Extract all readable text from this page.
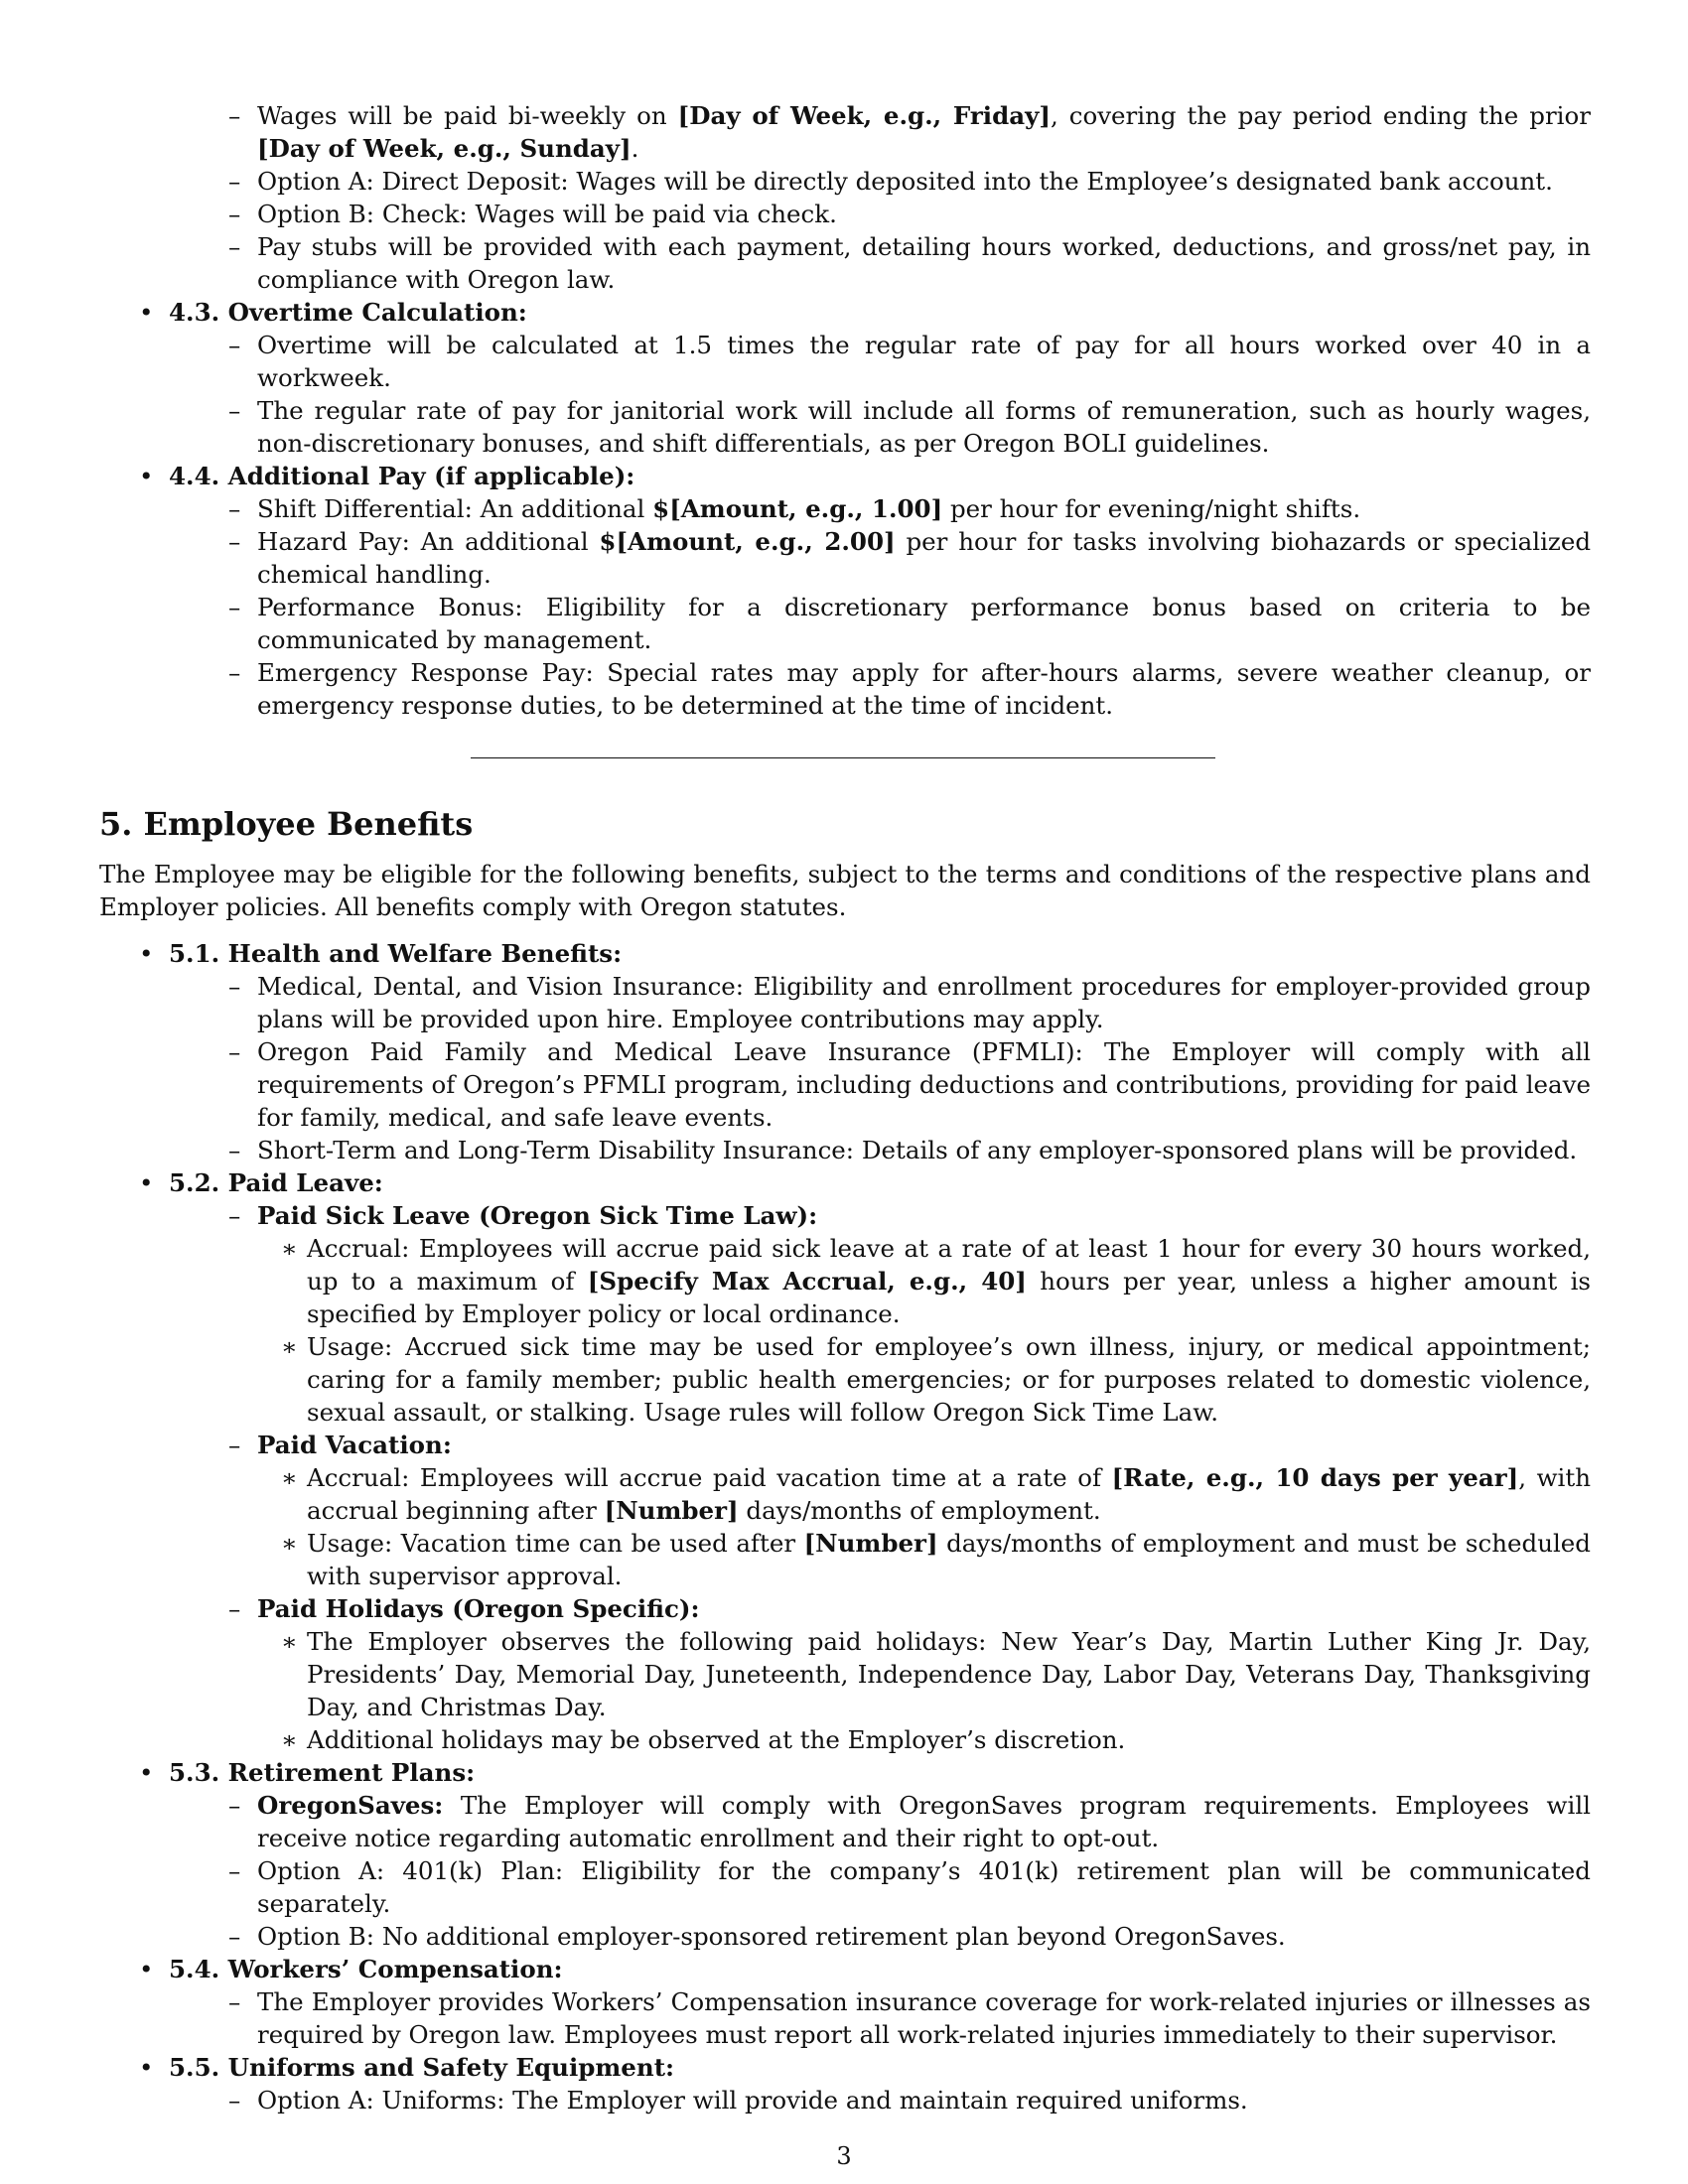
– Wages will be paid bi-weekly on [Day of Week, e.g., Friday], covering the pay period ending the prior [Day of Week, e.g., Sunday].
– Option A: Direct Deposit: Wages will be directly deposited into the Employee’s designated bank account.
– Option B: Check: Wages will be paid via check.
– Pay stubs will be provided with each payment, detailing hours worked, deductions, and gross/net pay, in compliance with Oregon law.
• 4.3. Overtime Calculation:
– Overtime will be calculated at 1.5 times the regular rate of pay for all hours worked over 40 in a workweek.
– The regular rate of pay for janitorial work will include all forms of remuneration, such as hourly wages, non-discretionary bonuses, and shift differentials, as per Oregon BOLI guidelines.
• 4.4. Additional Pay (if applicable):
– Shift Differential: An additional $[Amount, e.g., 1.00] per hour for evening/night shifts.
– Hazard Pay: An additional $[Amount, e.g., 2.00] per hour for tasks involving biohazards or specialized chemical handling.
– Performance Bonus: Eligibility for a discretionary performance bonus based on criteria to be communicated by management.
– Emergency Response Pay: Special rates may apply for after-hours alarms, severe weather cleanup, or emergency response duties, to be determined at the time of incident.
5. Employee Benefits

The Employee may be eligible for the following benefits, subject to the terms and conditions of the respective plans and Employer policies. All benefits comply with Oregon statutes.

• 5.1. Health and Welfare Benefits:
– Medical, Dental, and Vision Insurance: Eligibility and enrollment procedures for employer-provided group plans will be provided upon hire. Employee contributions may apply.
– Oregon Paid Family and Medical Leave Insurance (PFMLI): The Employer will comply with all requirements of Oregon’s PFMLI program, including deductions and contributions, providing for paid leave for family, medical, and safe leave events.
– Short-Term and Long-Term Disability Insurance: Details of any employer-sponsored plans will be provided.
• 5.2. Paid Leave:
– Paid Sick Leave (Oregon Sick Time Law):
∗ Accrual: Employees will accrue paid sick leave at a rate of at least 1 hour for every 30 hours worked, up to a maximum of [Specify Max Accrual, e.g., 40] hours per year, unless a higher amount is specified by Employer policy or local ordinance.
∗ Usage: Accrued sick time may be used for employee’s own illness, injury, or medical appointment; caring for a family member; public health emergencies; or for purposes related to domestic violence, sexual assault, or stalking. Usage rules will follow Oregon Sick Time Law.
– Paid Vacation:
∗ Accrual: Employees will accrue paid vacation time at a rate of [Rate, e.g., 10 days per year], with accrual beginning after [Number] days/months of employment.
∗ Usage: Vacation time can be used after [Number] days/months of employment and must be scheduled with supervisor approval.
– Paid Holidays (Oregon Specific):
∗ The Employer observes the following paid holidays: New Year’s Day, Martin Luther King Jr. Day, Presidents’ Day, Memorial Day, Juneteenth, Independence Day, Labor Day, Veterans Day, Thanksgiving Day, and Christmas Day.
∗ Additional holidays may be observed at the Employer’s discretion.
• 5.3. Retirement Plans:
– OregonSaves: The Employer will comply with OregonSaves program requirements. Employees will receive notice regarding automatic enrollment and their right to opt-out.
– Option A: 401(k) Plan: Eligibility for the company’s 401(k) retirement plan will be communicated separately.
– Option B: No additional employer-sponsored retirement plan beyond OregonSaves.
• 5.4. Workers’ Compensation:
– The Employer provides Workers’ Compensation insurance coverage for work-related injuries or illnesses as required by Oregon law. Employees must report all work-related injuries immediately to their supervisor.
• 5.5. Uniforms and Safety Equipment:
– Option A: Uniforms: The Employer will provide and maintain required uniforms.
3
